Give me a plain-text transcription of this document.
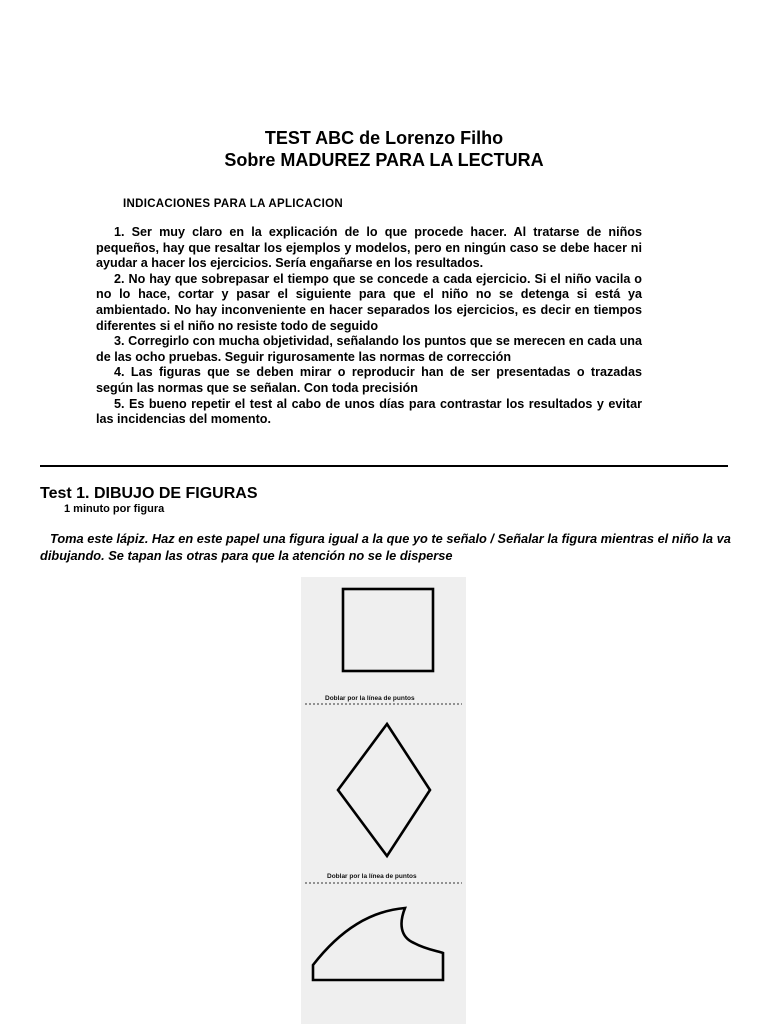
TEST ABC de Lorenzo Filho
Sobre MADUREZ PARA LA LECTURA
INDICACIONES PARA LA APLICACION

1. Ser muy claro en la explicación de lo que procede hacer. Al tratarse de niños pequeños, hay que resaltar los ejemplos y modelos, pero en ningún caso se debe hacer ni ayudar a hacer los ejercicios. Sería engañarse en los resultados.

2. No hay que sobrepasar el tiempo que se concede a cada ejercicio. Si el niño vacila o no lo hace, cortar y pasar el siguiente para que el niño no se detenga si está ya ambientado. No hay inconveniente en hacer separados los ejercicios, es decir en tiempos diferentes si el niño no resiste todo de seguido

3. Corregirlo con mucha objetividad, señalando los puntos que se merecen en cada una de las ocho pruebas. Seguir rigurosamente las normas de corrección

4. Las figuras que se deben mirar o reproducir han de ser presentadas o trazadas según las normas que se señalan. Con toda precisión

5. Es bueno repetir el test al cabo de unos días para contrastar los resultados y evitar las incidencias del momento.

Test 1. DIBUJO DE FIGURAS
1 minuto por figura
Toma este lápiz. Haz en este papel una figura igual a la que yo te señalo / Señalar la figura mientras el niño la va dibujando. Se tapan las otras para que la atención no se le disperse
Doblar por la línea de puntos
Doblar por la línea de puntos
